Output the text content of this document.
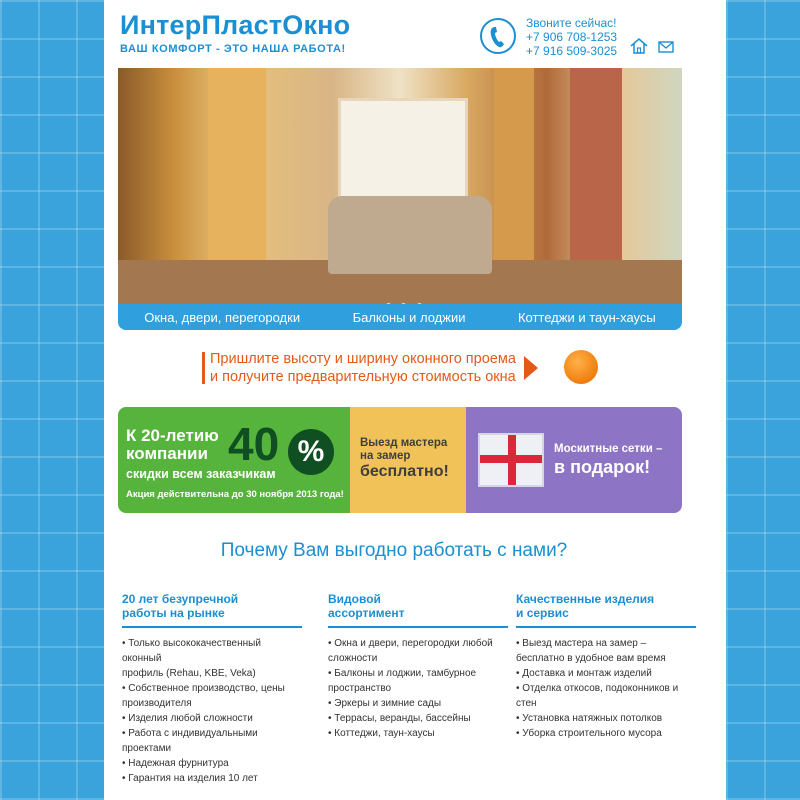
ИнтерПластОкно
ВАШ КОМФОРТ - ЭТО НАША РАБОТА!
Звоните сейчас!
+7 906 708-1253
+7 916 509-3025

Окна, двери, перегородки	Балконы и лоджии	Коттеджи и таун-хаусы
Пришлите высоту и ширину оконного проема
и получите предварительную стоимость окна
К 20-летию
компании 40 %
скидки всем заказчикам
Акция действительна до 30 ноября 2013 года!
Выезд мастера
на замер
бесплатно!
Москитные сетки –
в подарок!
Почему Вам выгодно работать с нами?
20 лет безупречной
работы на рынке
• Только высококачественный оконный
профиль (Rehau, KBE, Veka)
• Собственное производство, цены
производителя
• Изделия любой сложности
• Работа с индивидуальными
проектами
• Надежная фурнитура
• Гарантия на изделия 10 лет
Видовой
ассортимент
• Окна и двери, перегородки любой
сложности
• Балконы и лоджии, тамбурное
пространство
• Эркеры и зимние сады
• Террасы, веранды, бассейны
• Коттеджи, таун-хаусы
Качественные изделия
и сервис
• Выезд мастера на замер –
бесплатно в удобное вам время
• Доставка и монтаж изделий
• Отделка откосов, подоконников и
стен
• Установка натяжных потолков
• Уборка строительного мусора
